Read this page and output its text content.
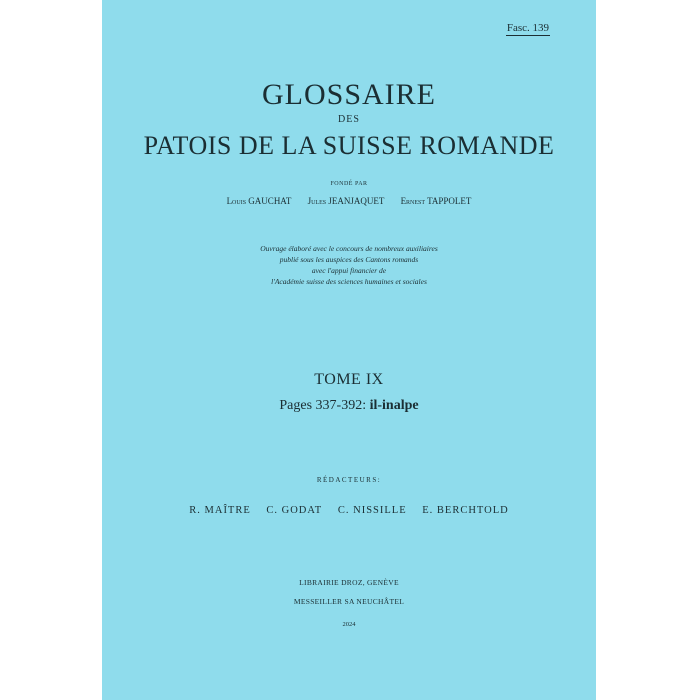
Fasc. 139
GLOSSAIRE
DES
PATOIS DE LA SUISSE ROMANDE
FONDÉ PAR
Louis GAUCHAT Jules JEANJAQUET Ernest TAPPOLET
Ouvrage élaboré avec le concours de nombreux auxiliaires
publié sous les auspices des Cantons romands
avec l'appui financier de
l'Académie suisse des sciences humaines et sociales
TOME IX
Pages 337-392: il-inalpe
RÉDACTEURS:
R. MAÎTRE C. GODAT C. NISSILLE E. BERCHTOLD
LIBRAIRIE DROZ, GENÈVE
MESSEILLER SA NEUCHÂTEL
2024
